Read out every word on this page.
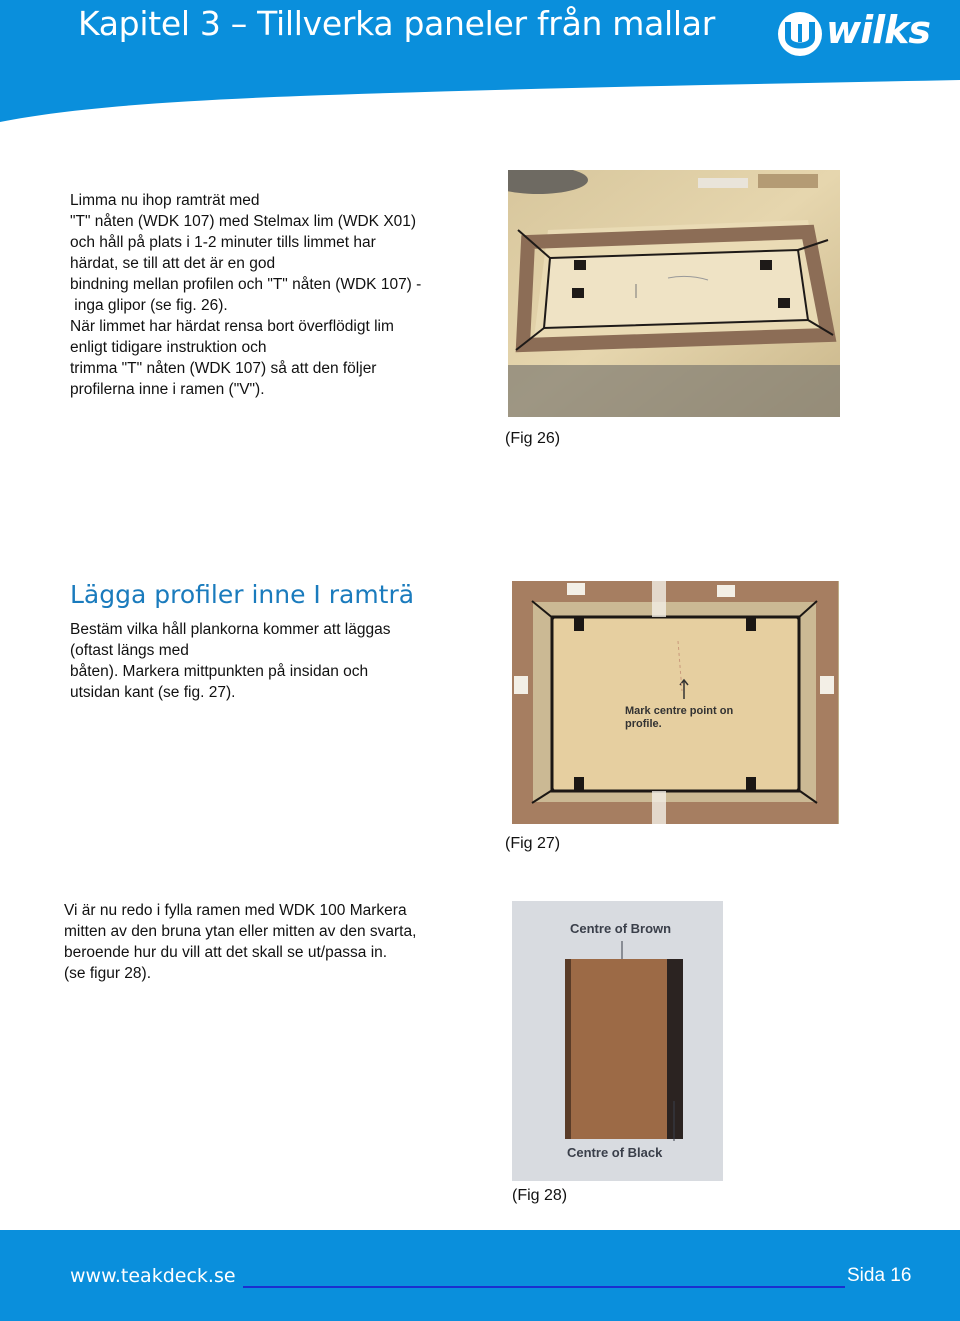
Kapitel 3 – Tillverka paneler från mallar	wilks
Limma nu ihop ramträt med
"T" nåten (WDK 107) med Stelmax lim (WDK X01)
och håll på plats i 1-2 minuter tills limmet har
härdat, se till att det är en god
bindning mellan profilen och "T" nåten (WDK 107) -
inga glipor (se fig. 26).
När limmet har härdat rensa bort överflödigt lim
enligt tidigare instruktion och
trimma "T" nåten (WDK 107) så att den följer
profilerna inne i ramen ("V").
(Fig 26)
Lägga profiler inne I ramträ
Bestäm vilka håll plankorna kommer att läggas
(oftast längs med
båten). Markera mittpunkten på insidan och
utsidan kant (se fig. 27).
Mark centre point on
profile.
(Fig 27)
Vi är nu redo i fylla ramen med WDK 100 Markera
mitten av den bruna ytan eller mitten av den svarta,
beroende hur du vill att det skall se ut/passa in.
(se figur 28).
Centre of Brown
Centre of Black
(Fig 28)
www.teakdeck.se	Sida 16
